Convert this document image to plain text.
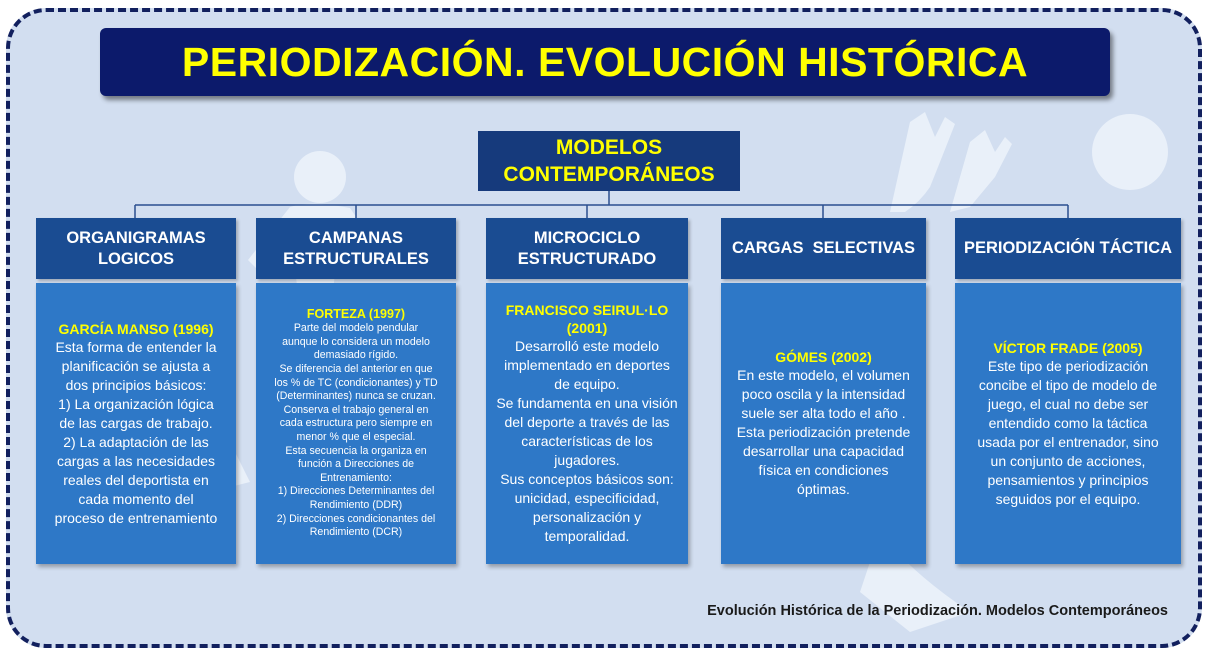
PERIODIZACIÓN. EVOLUCIÓN HISTÓRICA
MODELOS
CONTEMPORÁNEOS
ORGANIGRAMAS
LOGICOS
GARCÍA MANSO (1996)

Esta forma de entender la

planificación se ajusta a

dos principios básicos:

1) La organización lógica

de las cargas de trabajo.

2) La adaptación de las

cargas a las necesidades

reales del deportista en

cada momento del

proceso de entrenamiento

CAMPANAS
ESTRUCTURALES
FORTEZA (1997)

Parte del modelo pendular

aunque lo considera un modelo

demasiado rígido.

Se diferencia del anterior en que

los % de TC (condicionantes) y TD

(Determinantes) nunca se cruzan.

Conserva el trabajo general en

cada estructura pero siempre en

menor % que el especial.

Esta secuencia la organiza en

función a Direcciones de

Entrenamiento:

1) Direcciones Determinantes del

Rendimiento (DDR)

2) Direcciones condicionantes del

Rendimiento (DCR)

MICROCICLO
ESTRUCTURADO
FRANCISCO SEIRUL·LO
(2001)

Desarrolló este modelo

implementado en deportes

de equipo.

Se fundamenta en una visión

del deporte a través de las

características de los

jugadores.

Sus conceptos básicos son:

unicidad, especificidad,

personalización y

temporalidad.

CARGAS  SELECTIVAS
GÓMES (2002)

En este modelo, el volumen

poco oscila y la intensidad

suele ser alta todo el año .

Esta periodización pretende

desarrollar una capacidad

física en condiciones

óptimas.

PERIODIZACIÓN TÁCTICA
VÍCTOR FRADE (2005)

Este tipo de periodización

concibe el tipo de modelo de

juego, el cual no debe ser

entendido como la táctica

usada por el entrenador, sino

un conjunto de acciones,

pensamientos y principios

seguidos por el equipo.

Evolución Histórica de la Periodización. Modelos Contemporáneos
